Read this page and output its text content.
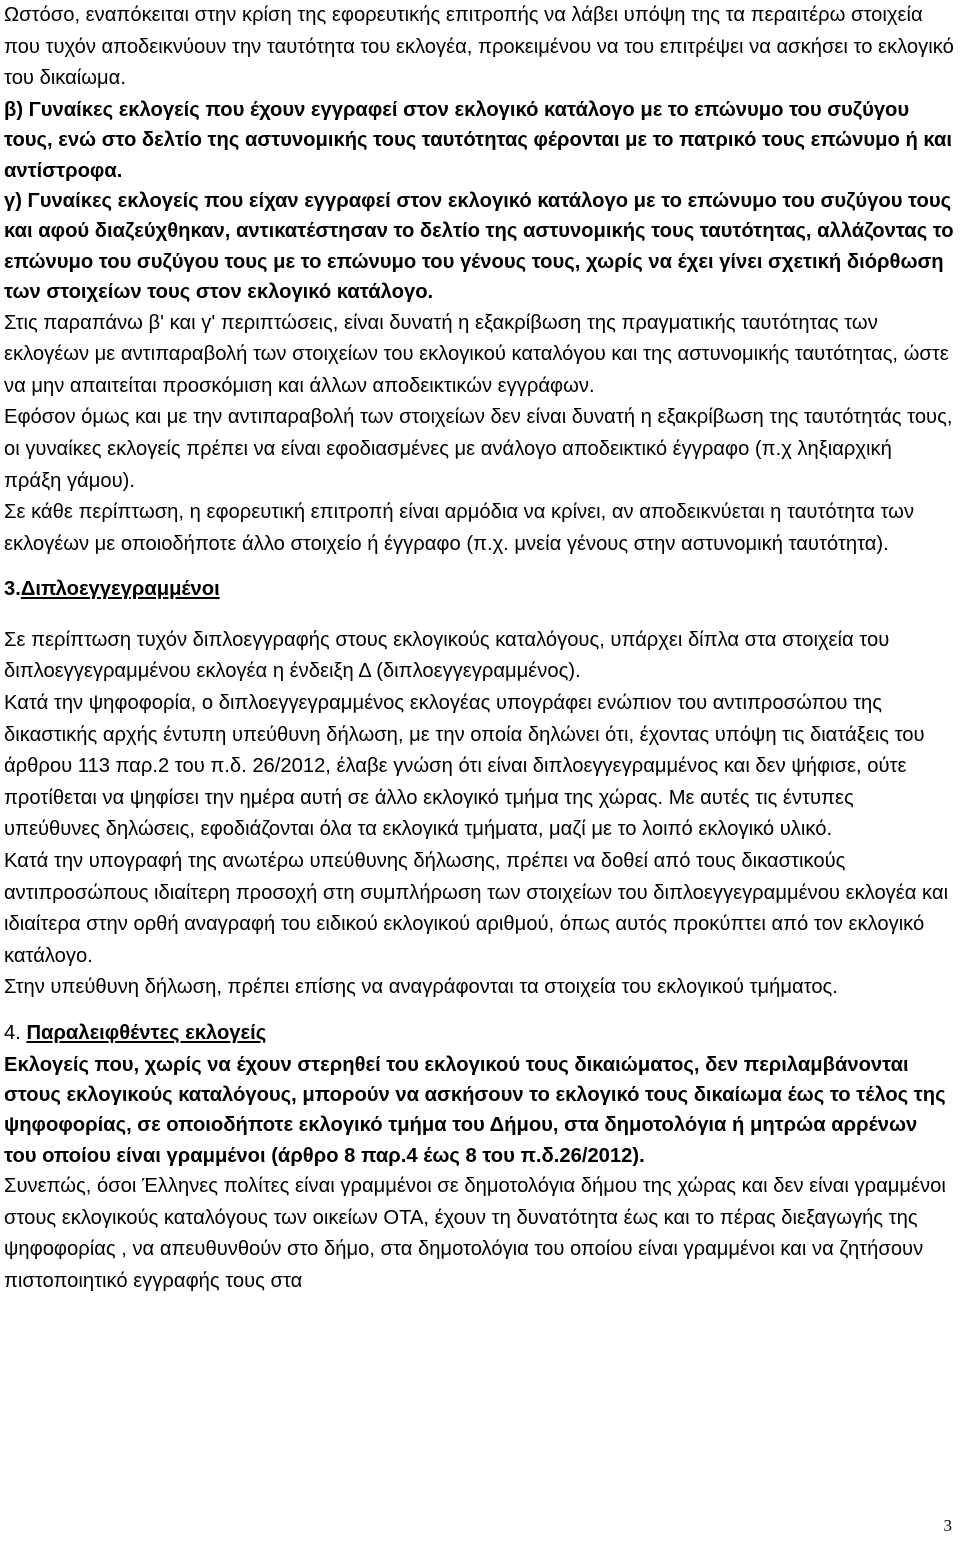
Ωστόσο, εναπόκειται στην κρίση της εφορευτικής επιτροπής να λάβει υπόψη της τα περαιτέρω στοιχεία που τυχόν αποδεικνύουν την ταυτότητα του εκλογέα, προκειμένου να του επιτρέψει να ασκήσει το εκλογικό του δικαίωμα.

β) Γυναίκες εκλογείς που έχουν εγγραφεί στον εκλογικό κατάλογο με το επώνυμο του συζύγου τους, ενώ στο δελτίο της αστυνομικής τους ταυτότητας φέρονται με το πατρικό τους επώνυμο ή και αντίστροφα.

γ) Γυναίκες εκλογείς που είχαν εγγραφεί στον εκλογικό κατάλογο με το επώνυμο του συζύγου τους και αφού διαζεύχθηκαν, αντικατέστησαν το δελτίο της αστυνομικής τους ταυτότητας, αλλάζοντας το επώνυμο του συζύγου τους με το επώνυμο του γένους τους, χωρίς να έχει γίνει σχετική διόρθωση των στοιχείων τους στον εκλογικό κατάλογο.

Στις παραπάνω β' και γ' περιπτώσεις, είναι δυνατή η εξακρίβωση της πραγματικής ταυτότητας των εκλογέων με αντιπαραβολή των στοιχείων του εκλογικού καταλόγου και της αστυνομικής ταυτότητας, ώστε να μην απαιτείται προσκόμιση και άλλων αποδεικτικών εγγράφων.

Εφόσον όμως και με την αντιπαραβολή των στοιχείων δεν είναι δυνατή η εξακρίβωση της ταυτότητάς τους, οι γυναίκες εκλογείς πρέπει να είναι εφοδιασμένες με ανάλογο αποδεικτικό έγγραφο (π.χ ληξιαρχική πράξη γάμου).

Σε κάθε περίπτωση, η εφορευτική επιτροπή είναι αρμόδια να κρίνει, αν αποδεικνύεται η ταυτότητα των εκλογέων με οποιοδήποτε άλλο στοιχείο ή έγγραφο (π.χ. μνεία γένους στην αστυνομική ταυτότητα).

3.Διπλοεγγεγραμμένοι

Σε περίπτωση τυχόν διπλοεγγραφής στους εκλογικούς καταλόγους, υπάρχει δίπλα στα στοιχεία του διπλοεγγεγραμμένου εκλογέα η ένδειξη Δ (διπλοεγγεγραμμένος).

Κατά την ψηφοφορία, ο διπλοεγγεγραμμένος εκλογέας υπογράφει ενώπιον του αντιπροσώπου της δικαστικής αρχής έντυπη υπεύθυνη δήλωση, με την οποία δηλώνει ότι, έχοντας υπόψη τις διατάξεις του άρθρου 113 παρ.2 του π.δ. 26/2012, έλαβε γνώση ότι είναι διπλοεγγεγραμμένος και δεν ψήφισε, ούτε προτίθεται να ψηφίσει την ημέρα αυτή σε άλλο εκλογικό τμήμα της χώρας. Με αυτές τις έντυπες υπεύθυνες δηλώσεις, εφοδιάζονται όλα τα εκλογικά τμήματα, μαζί με το λοιπό εκλογικό υλικό.

Κατά την υπογραφή της ανωτέρω υπεύθυνης δήλωσης, πρέπει να δοθεί από τους δικαστικούς αντιπροσώπους ιδιαίτερη προσοχή στη συμπλήρωση των στοιχείων του διπλοεγγεγραμμένου εκλογέα και ιδιαίτερα στην ορθή αναγραφή του ειδικού εκλογικού αριθμού, όπως αυτός προκύπτει από τον εκλογικό κατάλογο.

Στην υπεύθυνη δήλωση, πρέπει επίσης να αναγράφονται τα στοιχεία του εκλογικού τμήματος.

4. Παραλειφθέντες εκλογείς

Εκλογείς που, χωρίς να έχουν στερηθεί του εκλογικού τους δικαιώματος, δεν περιλαμβάνονται στους εκλογικούς καταλόγους, μπορούν να ασκήσουν το εκλογικό τους δικαίωμα έως το τέλος της ψηφοφορίας, σε οποιοδήποτε εκλογικό τμήμα του Δήμου, στα δημοτολόγια ή μητρώα αρρένων του οποίου είναι γραμμένοι (άρθρο 8 παρ.4 έως 8 του π.δ.26/2012).

Συνεπώς, όσοι Έλληνες πολίτες είναι γραμμένοι σε δημοτολόγια δήμου της χώρας και δεν είναι γραμμένοι στους εκλογικούς καταλόγους των οικείων ΟΤΑ, έχουν τη δυνατότητα έως και το πέρας διεξαγωγής της ψηφοφορίας , να απευθυνθούν στο δήμο, στα δημοτολόγια του οποίου είναι γραμμένοι και να ζητήσουν πιστοποιητικό εγγραφής τους στα

3
